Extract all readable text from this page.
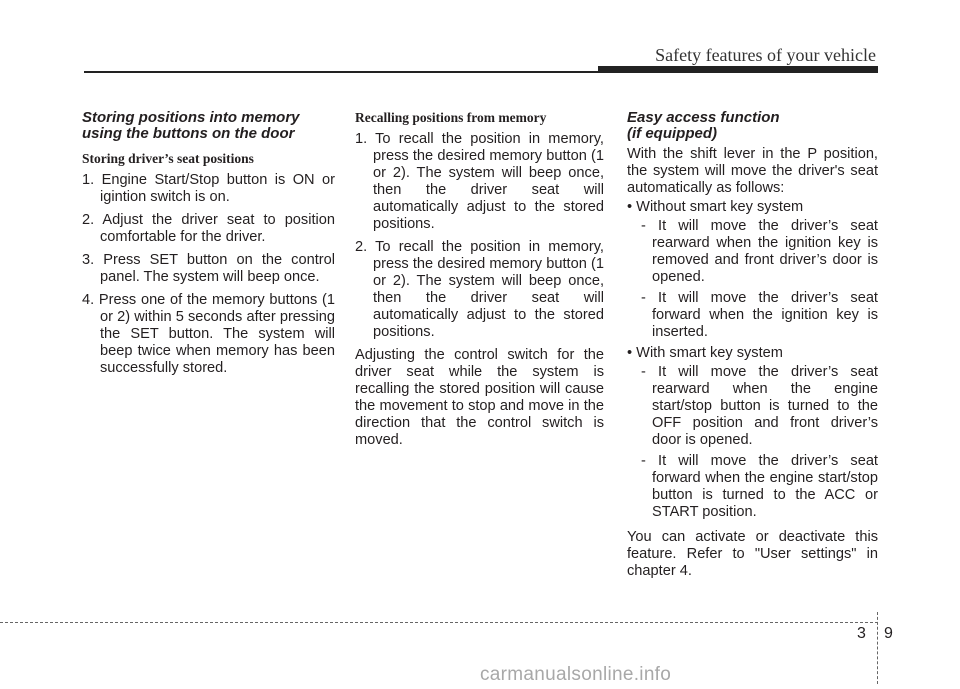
Safety features of your vehicle
Storing positions into memory using the buttons on the door
Storing driver’s seat positions

1. Engine Start/Stop button is ON or igintion switch is on.

2. Adjust the driver seat to position comfortable for the driver.

3. Press SET button on the control panel. The system will beep once.

4. Press one of the memory buttons (1 or 2) within 5 seconds after pressing the SET button. The system will beep twice when memory has been successfully stored.

Recalling positions from memory

1. To recall the position in memory, press the desired memory button (1 or 2). The system will beep once, then the driver seat will automatically adjust to the stored positions.

2. To recall the position in memory, press the desired memory button (1 or 2). The system will beep once, then the driver seat will automatically adjust to the stored positions.

Adjusting the control switch for the driver seat while the system is recalling the stored position will cause the movement to stop and move in the direction that the control switch is moved.

Easy access function
(if equipped)

With the shift lever in the P position, the system will move the driver's seat automatically as follows:

• Without smart key system

- It will move the driver’s seat rearward when the ignition key is removed and front driver’s door is opened.

- It will move the driver’s seat forward when the ignition key is inserted.

• With smart key system

- It will move the driver’s seat rearward when the engine start/stop button is turned to the OFF position and front driver’s door is opened.

- It will move the driver’s seat forward when the engine start/stop button is turned to the ACC or START position.

You can activate or deactivate this feature. Refer to "User settings" in chapter 4.

3 9
carmanualsonline.info
